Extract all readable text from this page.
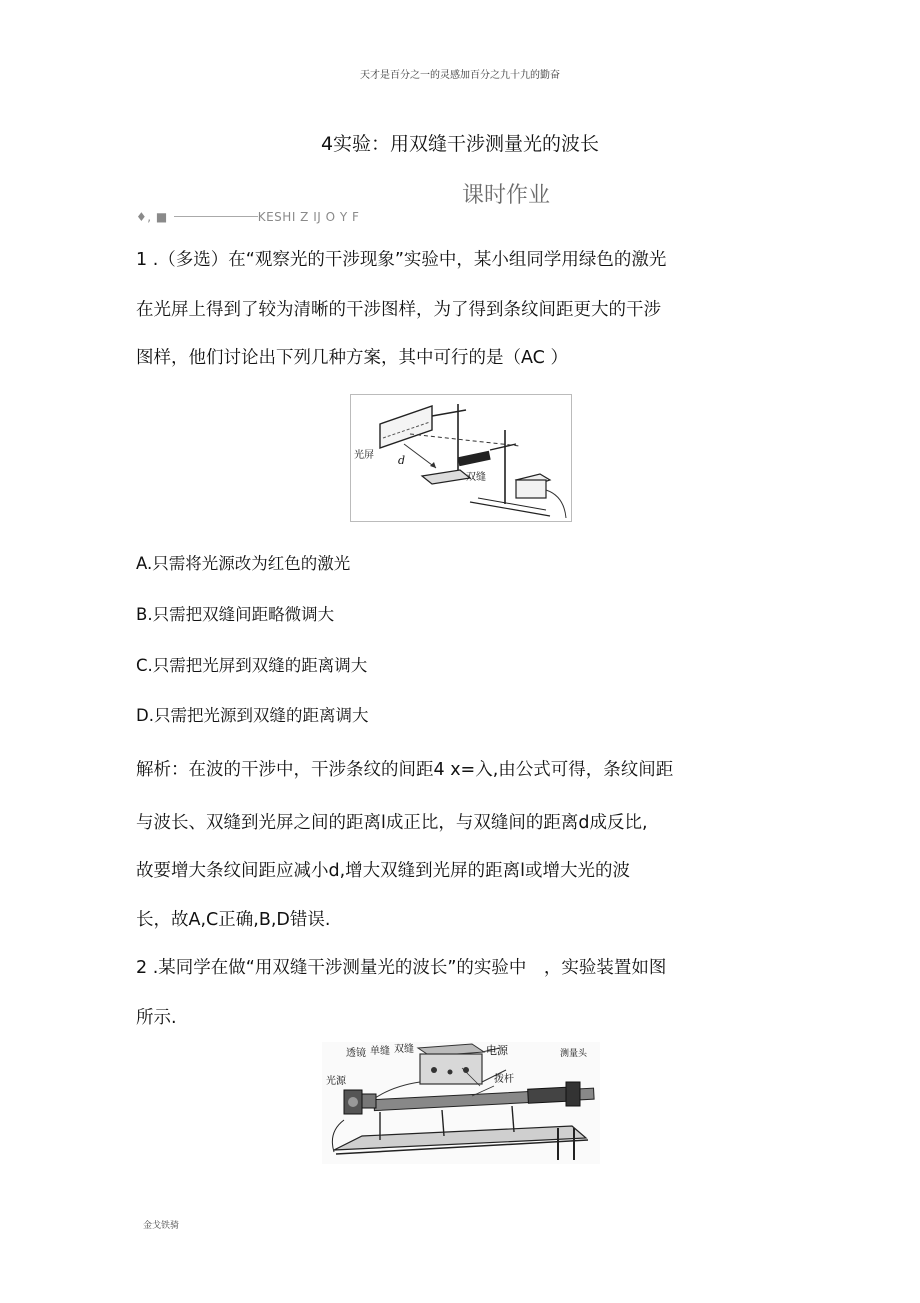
天才是百分之一的灵感加百分之九十九的勤奋
4实验：用双缝干涉测量光的波长
课时作业
♦, ■	KESHI Z IJ O Y F
1 .（多选）在“观察光的干涉现象”实验中，某小组同学用绿色的激光
在光屏上得到了较为清晰的干涉图样，为了得到条纹间距更大的干涉
图样，他们讨论出下列几种方案，其中可行的是（AC ）
光屏 d
双缝
A.只需将光源改为红色的激光
B.只需把双缝间距略微调大
C.只需把光屏到双缝的距离调大
D.只需把光源到双缝的距离调大
解析：在波的干涉中，干涉条纹的间距4 x=入,由公式可得，条纹间距
与波长、双缝到光屏之间的距离l成正比，与双缝间的距离d成反比,
故要增大条纹间距应减小d,增大双缝到光屏的距离l或增大光的波
长，故A,C正确,B,D错误.
2 .某同学在做“用双缝干涉测量光的波长”的实验中　，实验装置如图
所示.
光源
透镜 单缝 双缝	电源
拨杆
测量头
金戈铁骑
